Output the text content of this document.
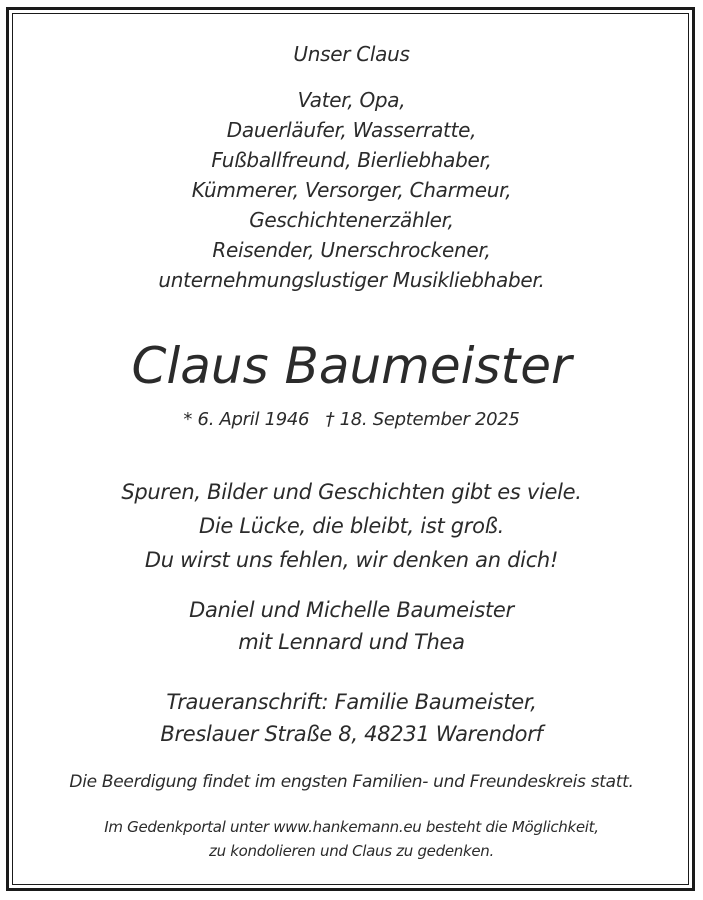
Unser Claus
Vater, Opa,
Dauerläufer, Wasserratte,
Fußballfreund, Bierliebhaber,
Kümmerer, Versorger, Charmeur,
Geschichtenerzähler,
Reisender, Unerschrockener,
unternehmungslustiger Musikliebhaber.
Claus Baumeister
* 6. April 1946   † 18. September 2025
Spuren, Bilder und Geschichten gibt es viele.
Die Lücke, die bleibt, ist groß.
Du wirst uns fehlen, wir denken an dich!
Daniel und Michelle Baumeister
mit Lennard und Thea
Traueranschrift: Familie Baumeister,
Breslauer Straße 8, 48231 Warendorf
Die Beerdigung findet im engsten Familien- und Freundeskreis statt.
Im Gedenkportal unter www.hankemann.eu besteht die Möglichkeit,
zu kondolieren und Claus zu gedenken.
